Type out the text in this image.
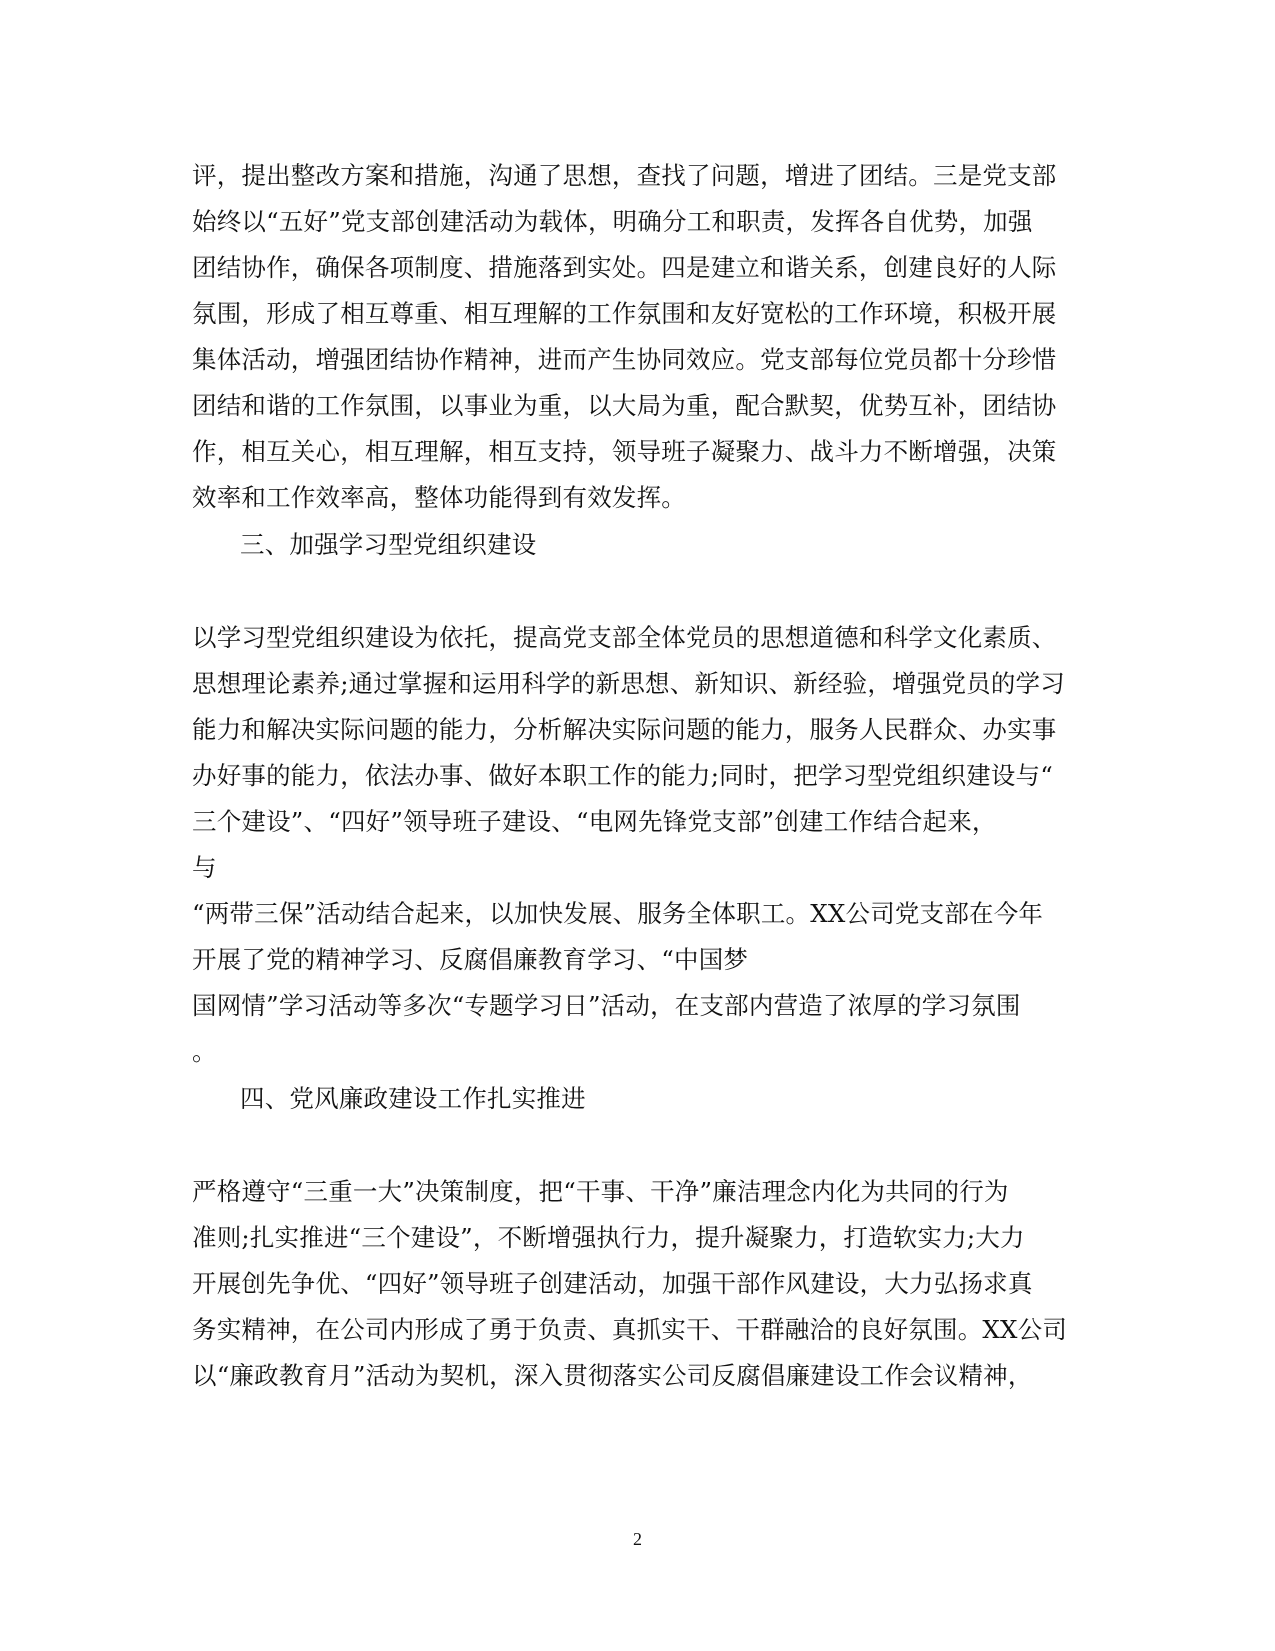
评，提出整改方案和措施，沟通了思想，查找了问题，增进了团结。三是党支部
始终以“五好”党支部创建活动为载体，明确分工和职责，发挥各自优势，加强
团结协作，确保各项制度、措施落到实处。四是建立和谐关系，创建良好的人际
氛围，形成了相互尊重、相互理解的工作氛围和友好宽松的工作环境，积极开展
集体活动，增强团结协作精神，进而产生协同效应。党支部每位党员都十分珍惜
团结和谐的工作氛围，以事业为重，以大局为重，配合默契，优势互补，团结协
作，相互关心，相互理解，相互支持，领导班子凝聚力、战斗力不断增强，决策
效率和工作效率高，整体功能得到有效发挥。
三、加强学习型党组织建设
以学习型党组织建设为依托，提高党支部全体党员的思想道德和科学文化素质、
思想理论素养;通过掌握和运用科学的新思想、新知识、新经验，增强党员的学习
能力和解决实际问题的能力，分析解决实际问题的能力，服务人民群众、办实事
办好事的能力，依法办事、做好本职工作的能力;同时，把学习型党组织建设与“
三个建设”、“四好”领导班子建设、“电网先锋党支部”创建工作结合起来，
与
“两带三保”活动结合起来，以加快发展、服务全体职工。XX公司党支部在今年
开展了党的精神学习、反腐倡廉教育学习、“中国梦
国网情”学习活动等多次“专题学习日”活动，在支部内营造了浓厚的学习氛围
。
四、党风廉政建设工作扎实推进
严格遵守“三重一大”决策制度，把“干事、干净”廉洁理念内化为共同的行为
准则;扎实推进“三个建设”，不断增强执行力，提升凝聚力，打造软实力;大力
开展创先争优、“四好”领导班子创建活动，加强干部作风建设，大力弘扬求真
务实精神，在公司内形成了勇于负责、真抓实干、干群融洽的良好氛围。XX公司
以“廉政教育月”活动为契机，深入贯彻落实公司反腐倡廉建设工作会议精神，
2
